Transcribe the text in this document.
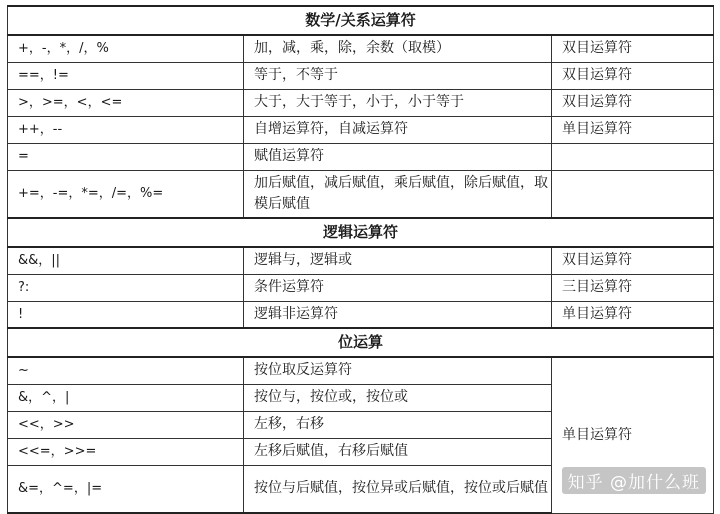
数学/关系运算符		
+，-，*，/，%	加，减，乘，除，余数（取模）	双目运算符
==，!=	等于，不等于	双目运算符
>，>=，<，<=	大于，大于等于，小于，小于等于	双目运算符
++，--	自增运算符，自减运算符	单目运算符
=	赋值运算符	
+=，-=，*=，/=，%=	加后赋值，减后赋值，乘后赋值，除后赋值，取模后赋值	
逻辑运算符		
&&，||	逻辑与，逻辑或	双目运算符
?:	条件运算符	三目运算符
!	逻辑非运算符	单目运算符
位运算		
~	按位取反运算符	单目运算符
&，^，|	按位与，按位或，按位或	
<<，>>	左移，右移	
<<=，>>=	左移后赋值，右移后赋值	
&=，^=，|=	按位与后赋值，按位异或后赋值，按位或后赋值		知乎 @加什么班
